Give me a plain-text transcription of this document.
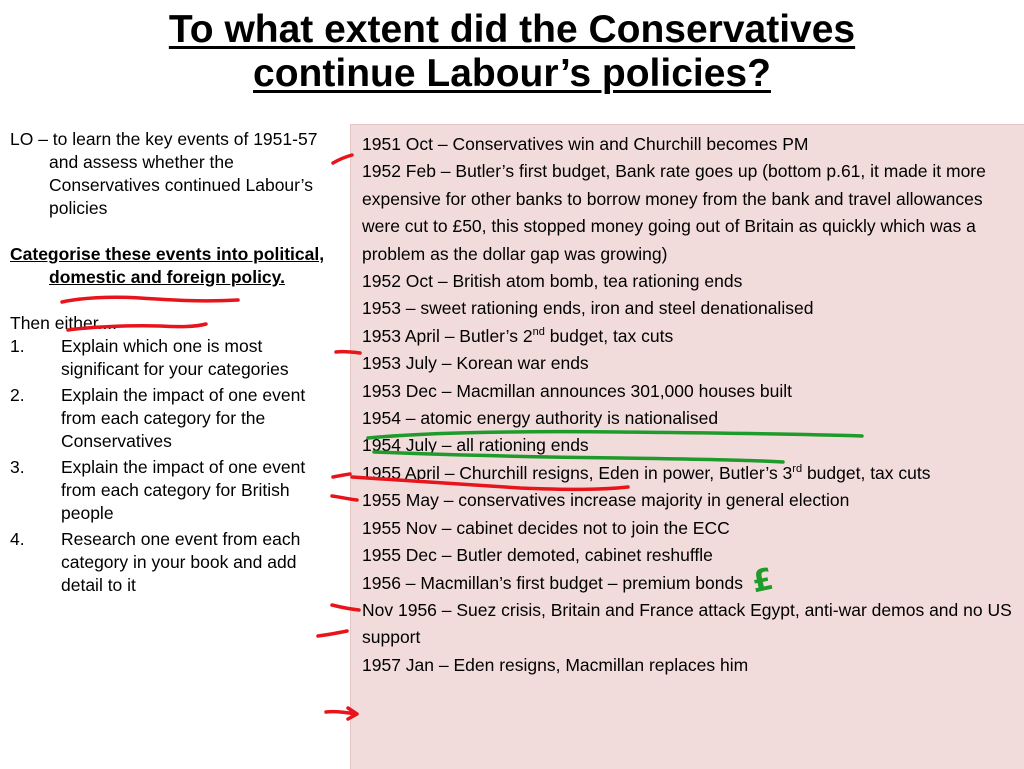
To what extent did the Conservatives
continue Labour’s policies?

LO – to learn the key events of 1951-57 and assess whether the Conservatives continued Labour’s policies

Categorise these events into political, domestic and foreign policy.

Then either....

1. Explain which one is most significant for your categories
2. Explain the impact of one event from each category for the Conservatives
3. Explain the impact of one event from each category for British people
4. Research one event from each category in your book and add detail to it
1951 Oct – Conservatives win and Churchill becomes PM
1952 Feb – Butler’s first budget, Bank rate goes up (bottom p.61, it made it more expensive for other banks to borrow money from the bank and travel allowances were cut to £50, this stopped money going out of Britain as quickly which was a problem as the dollar gap was growing)
1952 Oct – British atom bomb, tea rationing ends
1953 – sweet rationing ends, iron and steel denationalised
1953 April – Butler’s 2nd budget, tax cuts
1953 July – Korean war ends
1953 Dec – Macmillan announces 301,000 houses built
1954 – atomic energy authority is nationalised
1954 July – all rationing ends
1955 April – Churchill resigns, Eden in power, Butler’s 3rd budget, tax cuts
1955 May – conservatives increase majority in general election
1955 Nov – cabinet decides not to join the ECC
1955 Dec – Butler demoted, cabinet reshuffle
1956 – Macmillan’s first budget – premium bonds
Nov 1956 – Suez crisis, Britain and France attack Egypt, anti-war demos and no US support
1957 Jan – Eden resigns, Macmillan replaces him
£
